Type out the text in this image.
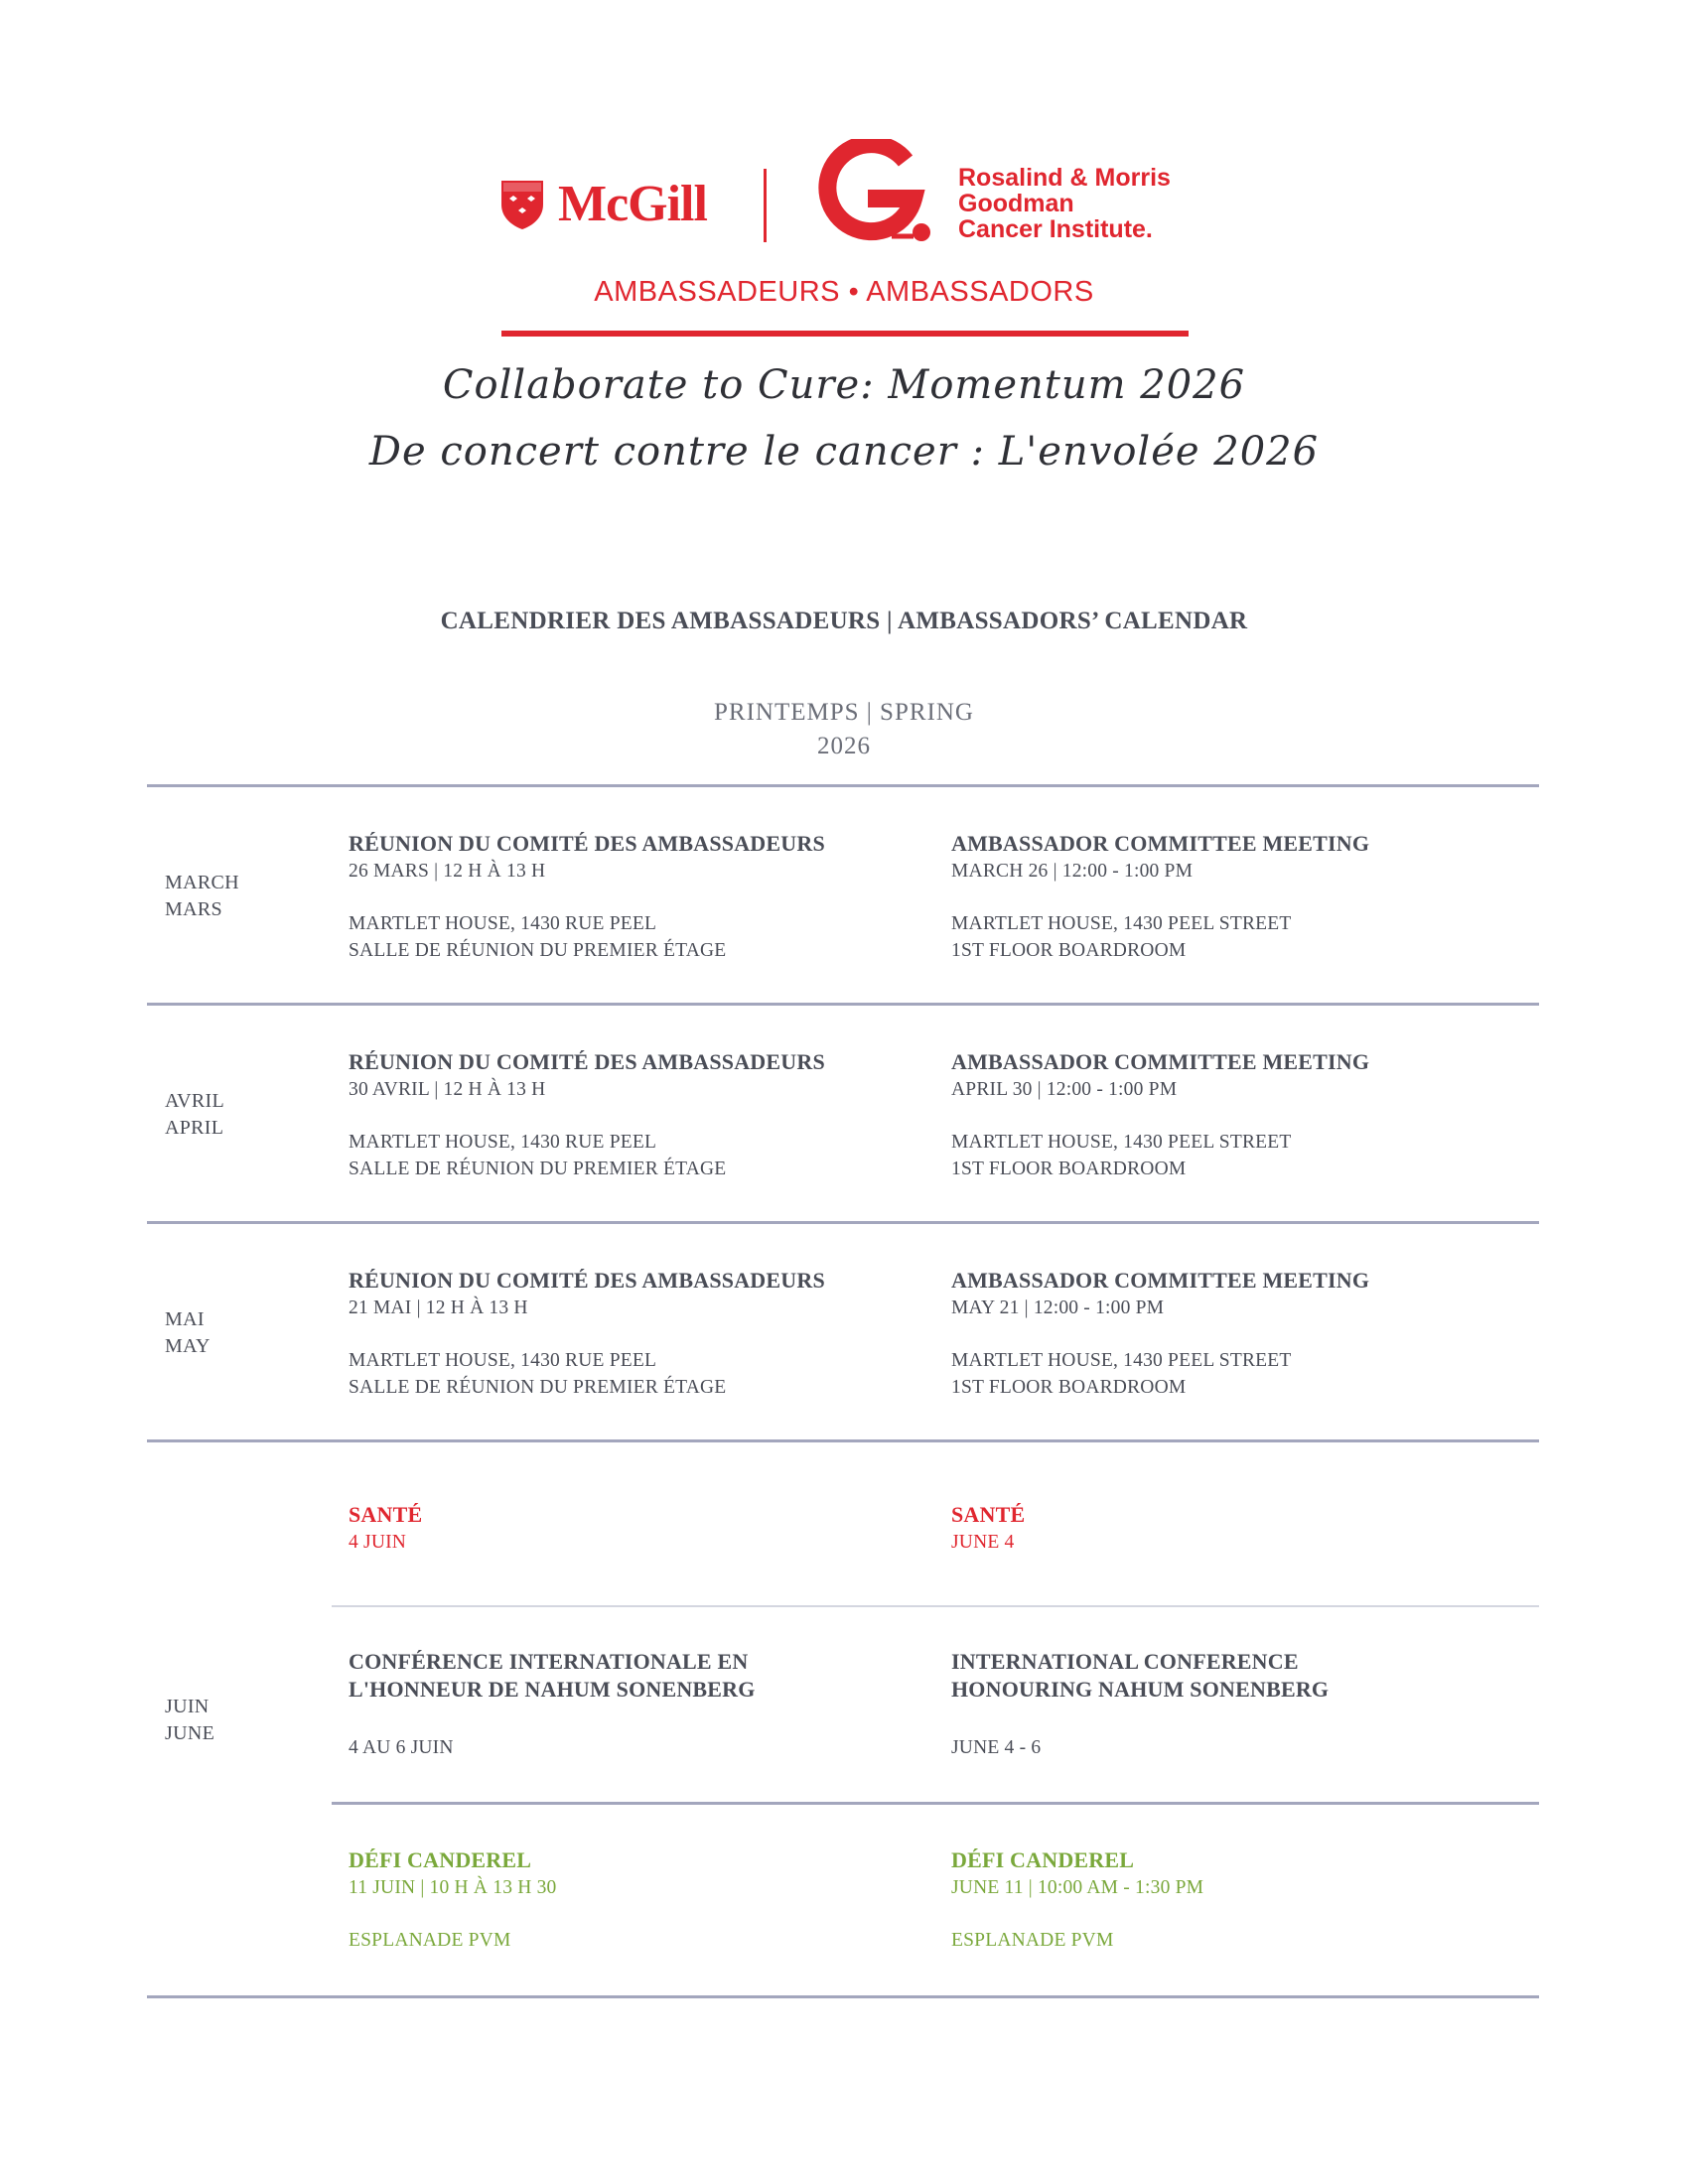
McGill	Rosalind & Morris
Goodman
Cancer Institute.
AMBASSADEURS • AMBASSADORS
Collaborate to Cure: Momentum 2026
De concert contre le cancer : L'envolée 2026
CALENDRIER DES AMBASSADEURS | AMBASSADORS’ CALENDAR
PRINTEMPS | SPRING
2026
MARCH
MARS
RÉUNION DU COMITÉ DES AMBASSADEURS
26 MARS | 12 H À 13 H
MARTLET HOUSE, 1430 RUE PEEL
SALLE DE RÉUNION DU PREMIER ÉTAGE
AMBASSADOR COMMITTEE MEETING
MARCH 26 | 12:00 - 1:00 PM
MARTLET HOUSE, 1430 PEEL STREET
1ST FLOOR BOARDROOM
AVRIL
APRIL
RÉUNION DU COMITÉ DES AMBASSADEURS
30 AVRIL | 12 H À 13 H
MARTLET HOUSE, 1430 RUE PEEL
SALLE DE RÉUNION DU PREMIER ÉTAGE
AMBASSADOR COMMITTEE MEETING
APRIL 30 | 12:00 - 1:00 PM
MARTLET HOUSE, 1430 PEEL STREET
1ST FLOOR BOARDROOM
MAI
MAY
RÉUNION DU COMITÉ DES AMBASSADEURS
21 MAI | 12 H À 13 H
MARTLET HOUSE, 1430 RUE PEEL
SALLE DE RÉUNION DU PREMIER ÉTAGE
AMBASSADOR COMMITTEE MEETING
MAY 21 | 12:00 - 1:00 PM
MARTLET HOUSE, 1430 PEEL STREET
1ST FLOOR BOARDROOM
JUIN
JUNE
SANTÉ
4 JUIN
SANTÉ
JUNE 4
CONFÉRENCE INTERNATIONALE EN
L'HONNEUR DE NAHUM SONENBERG
4 AU 6 JUIN
INTERNATIONAL CONFERENCE
HONOURING NAHUM SONENBERG
JUNE 4 - 6
DÉFI CANDEREL
11 JUIN | 10 H À 13 H 30
ESPLANADE PVM
DÉFI CANDEREL
JUNE 11 | 10:00 AM - 1:30 PM
ESPLANADE PVM
